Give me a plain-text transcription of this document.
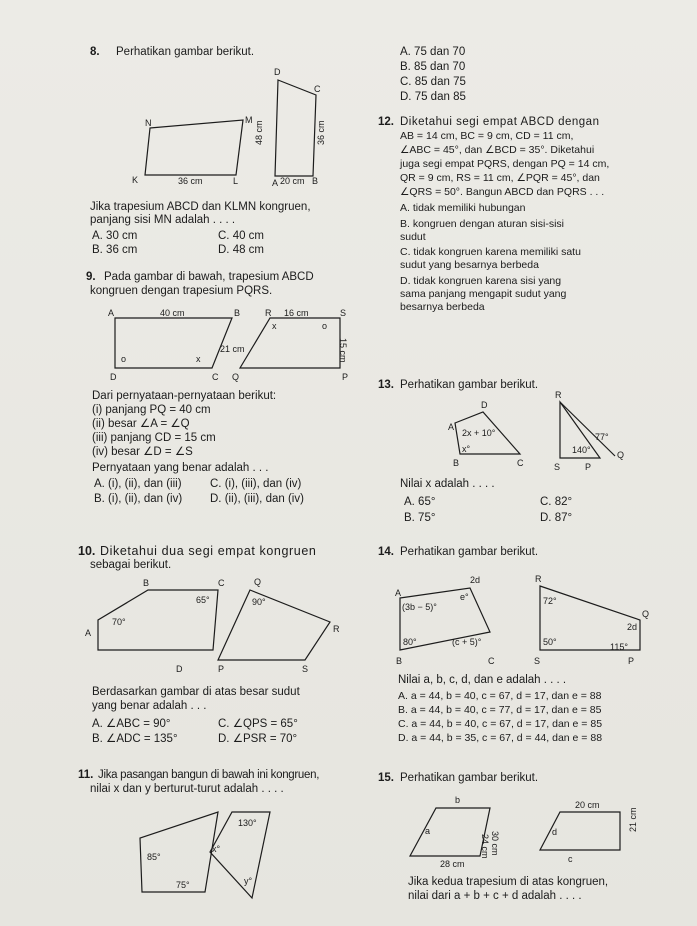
8. Perhatikan gambar berikut.
N	M
K	L
36 cm
D
C
A	B
20 cm
48 cm	36 cm
A	B
D	C
40 cm
21 cm
o	x
R	S
Q	P
16 cm
15 cm
x	o
B	C
A
D
65°
70°
Q
R
P	S
90°
85°
75°
130°
x°
y°
A
D
B	C
2x + 10°
x°
R
Q
S	P
77°
140°
A
2d
B	C
(3b − 5)°
e°
80°	(c + 5)°
R
Q
S	P
72°
2d
50°	115°
b
a
24 cm 30 cm
28 cm
20 cm
d
c
21 cm
Jika trapesium ABCD dan KLMN kongruen,
panjang sisi MN adalah . . . .
A. 30 cm
B. 36 cm
C. 40 cm
D. 48 cm
9. Pada gambar di bawah, trapesium ABCD
kongruen dengan trapesium PQRS.
Dari pernyataan-pernyataan berikut:
(i) panjang PQ = 40 cm
(ii) besar ∠A = ∠Q
(iii) panjang CD = 15 cm
(iv) besar ∠D = ∠S
Pernyataan yang benar adalah . . .
A. (i), (ii), dan (iii)
B. (i), (ii), dan (iv)
C. (i), (iii), dan (iv)
D. (ii), (iii), dan (iv)
10. Diketahui dua segi empat kongruen
sebagai berikut.
Berdasarkan gambar di atas besar sudut
yang benar adalah . . .
A. ∠ABC = 90°
B. ∠ADC = 135°
C. ∠QPS = 65°
D. ∠PSR = 70°
11. Jika pasangan bangun di bawah ini kongruen,
nilai x dan y berturut-turut adalah . . . .
A. 75 dan 70
B. 85 dan 70
C. 85 dan 75
D. 75 dan 85
12. Diketahui segi empat ABCD dengan
AB = 14 cm, BC = 9 cm, CD = 11 cm,
∠ABC = 45°, dan ∠BCD = 35°. Diketahui
juga segi empat PQRS, dengan PQ = 14 cm,
QR = 9 cm, RS = 11 cm, ∠PQR = 45°, dan
∠QRS = 50°. Bangun ABCD dan PQRS . . .
A. tidak memiliki hubungan
B. kongruen dengan aturan sisi-sisi
sudut
C. tidak kongruen karena memiliki satu
sudut yang besarnya berbeda
D. tidak kongruen karena sisi yang
sama panjang mengapit sudut yang
besarnya berbeda
13. Perhatikan gambar berikut.
Nilai x adalah . . . .
A. 65°
B. 75°
C. 82°
D. 87°
14. Perhatikan gambar berikut.
Nilai a, b, c, d, dan e adalah . . . .
A. a = 44, b = 40, c = 67, d = 17, dan e = 88
B. a = 44, b = 40, c = 77, d = 17, dan e = 85
C. a = 44, b = 40, c = 67, d = 17, dan e = 85
D. a = 44, b = 35, c = 67, d = 44, dan e = 88
15. Perhatikan gambar berikut.
Jika kedua trapesium di atas kongruen,
nilai dari a + b + c + d adalah . . . .
